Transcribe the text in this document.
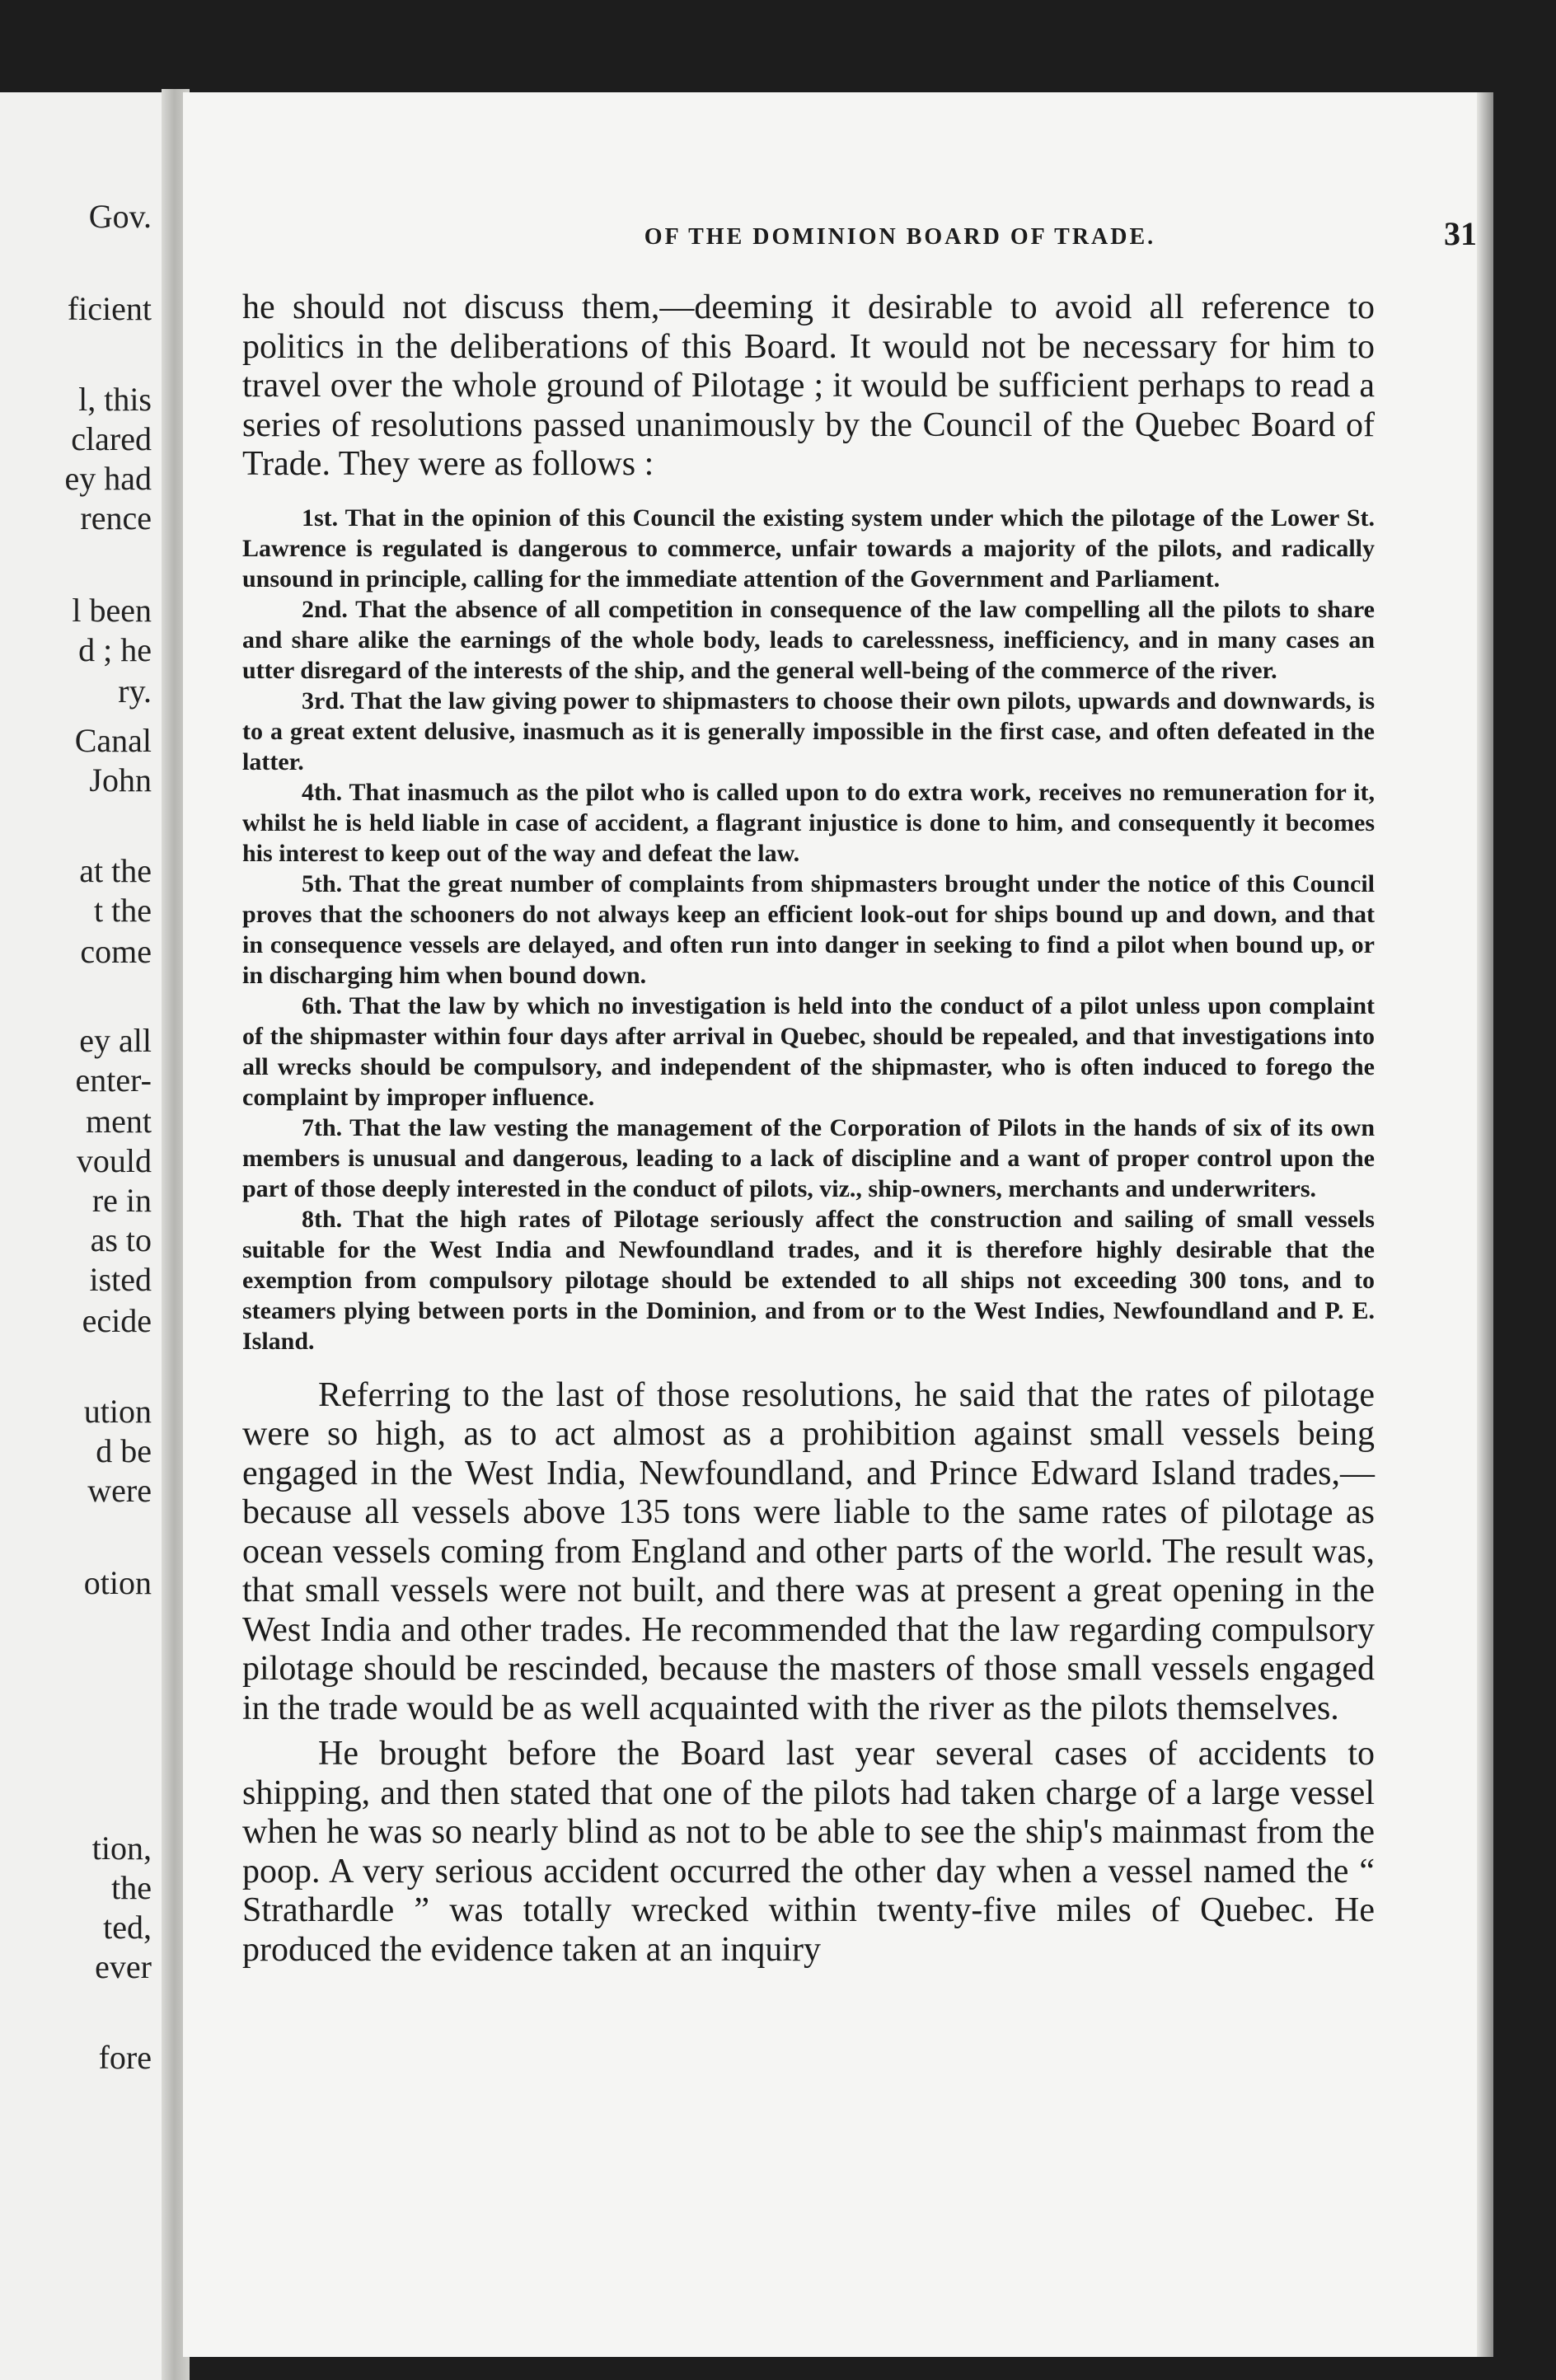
Gov.
ficient
l, this
clared
ey had
rence
l been
d ; he
ry.
Canal
John
at the
t the
come
ey all
enter-
ment
vould
re in
as to
isted
ecide
ution
d be
were
otion
tion,
the
ted,
ever
fore
OF THE DOMINION BOARD OF TRADE.	31

he should not discuss them,—deeming it desirable to avoid all reference to politics in the deliberations of this Board. It would not be necessary for him to travel over the whole ground of Pilotage ; it would be sufficient perhaps to read a series of resolutions passed unanimously by the Council of the Quebec Board of Trade. They were as follows :

1st. That in the opinion of this Council the existing system under which the pilotage of the Lower St. Lawrence is regulated is dangerous to commerce, unfair towards a majority of the pilots, and radically unsound in principle, calling for the immediate attention of the Government and Parliament.

2nd. That the absence of all competition in consequence of the law compelling all the pilots to share and share alike the earnings of the whole body, leads to carelessness, inefficiency, and in many cases an utter disregard of the interests of the ship, and the general well-being of the commerce of the river.

3rd. That the law giving power to shipmasters to choose their own pilots, upwards and downwards, is to a great extent delusive, inasmuch as it is generally impossible in the first case, and often defeated in the latter.

4th. That inasmuch as the pilot who is called upon to do extra work, receives no remuneration for it, whilst he is held liable in case of accident, a flagrant injustice is done to him, and consequently it becomes his interest to keep out of the way and defeat the law.

5th. That the great number of complaints from shipmasters brought under the notice of this Council proves that the schooners do not always keep an efficient look-out for ships bound up and down, and that in consequence vessels are delayed, and often run into danger in seeking to find a pilot when bound up, or in discharging him when bound down.

6th. That the law by which no investigation is held into the conduct of a pilot unless upon complaint of the shipmaster within four days after arrival in Quebec, should be repealed, and that investigations into all wrecks should be compulsory, and independent of the shipmaster, who is often induced to forego the complaint by improper influence.

7th. That the law vesting the management of the Corporation of Pilots in the hands of six of its own members is unusual and dangerous, leading to a lack of discipline and a want of proper control upon the part of those deeply interested in the conduct of pilots, viz., ship-owners, merchants and underwriters.

8th. That the high rates of Pilotage seriously affect the construction and sailing of small vessels suitable for the West India and Newfoundland trades, and it is therefore highly desirable that the exemption from compulsory pilotage should be extended to all ships not exceeding 300 tons, and to steamers plying between ports in the Dominion, and from or to the West Indies, Newfoundland and P. E. Island.

Referring to the last of those resolutions, he said that the rates of pilotage were so high, as to act almost as a prohibition against small vessels being engaged in the West India, Newfoundland, and Prince Edward Island trades,—because all vessels above 135 tons were liable to the same rates of pilotage as ocean vessels coming from England and other parts of the world. The result was, that small vessels were not built, and there was at present a great opening in the West India and other trades. He recommended that the law regarding compulsory pilotage should be rescinded, because the masters of those small vessels engaged in the trade would be as well acquainted with the river as the pilots themselves.

He brought before the Board last year several cases of accidents to shipping, and then stated that one of the pilots had taken charge of a large vessel when he was so nearly blind as not to be able to see the ship's mainmast from the poop. A very serious accident occurred the other day when a vessel named the “ Strathardle ” was totally wrecked within twenty-five miles of Quebec. He produced the evidence taken at an inquiry
